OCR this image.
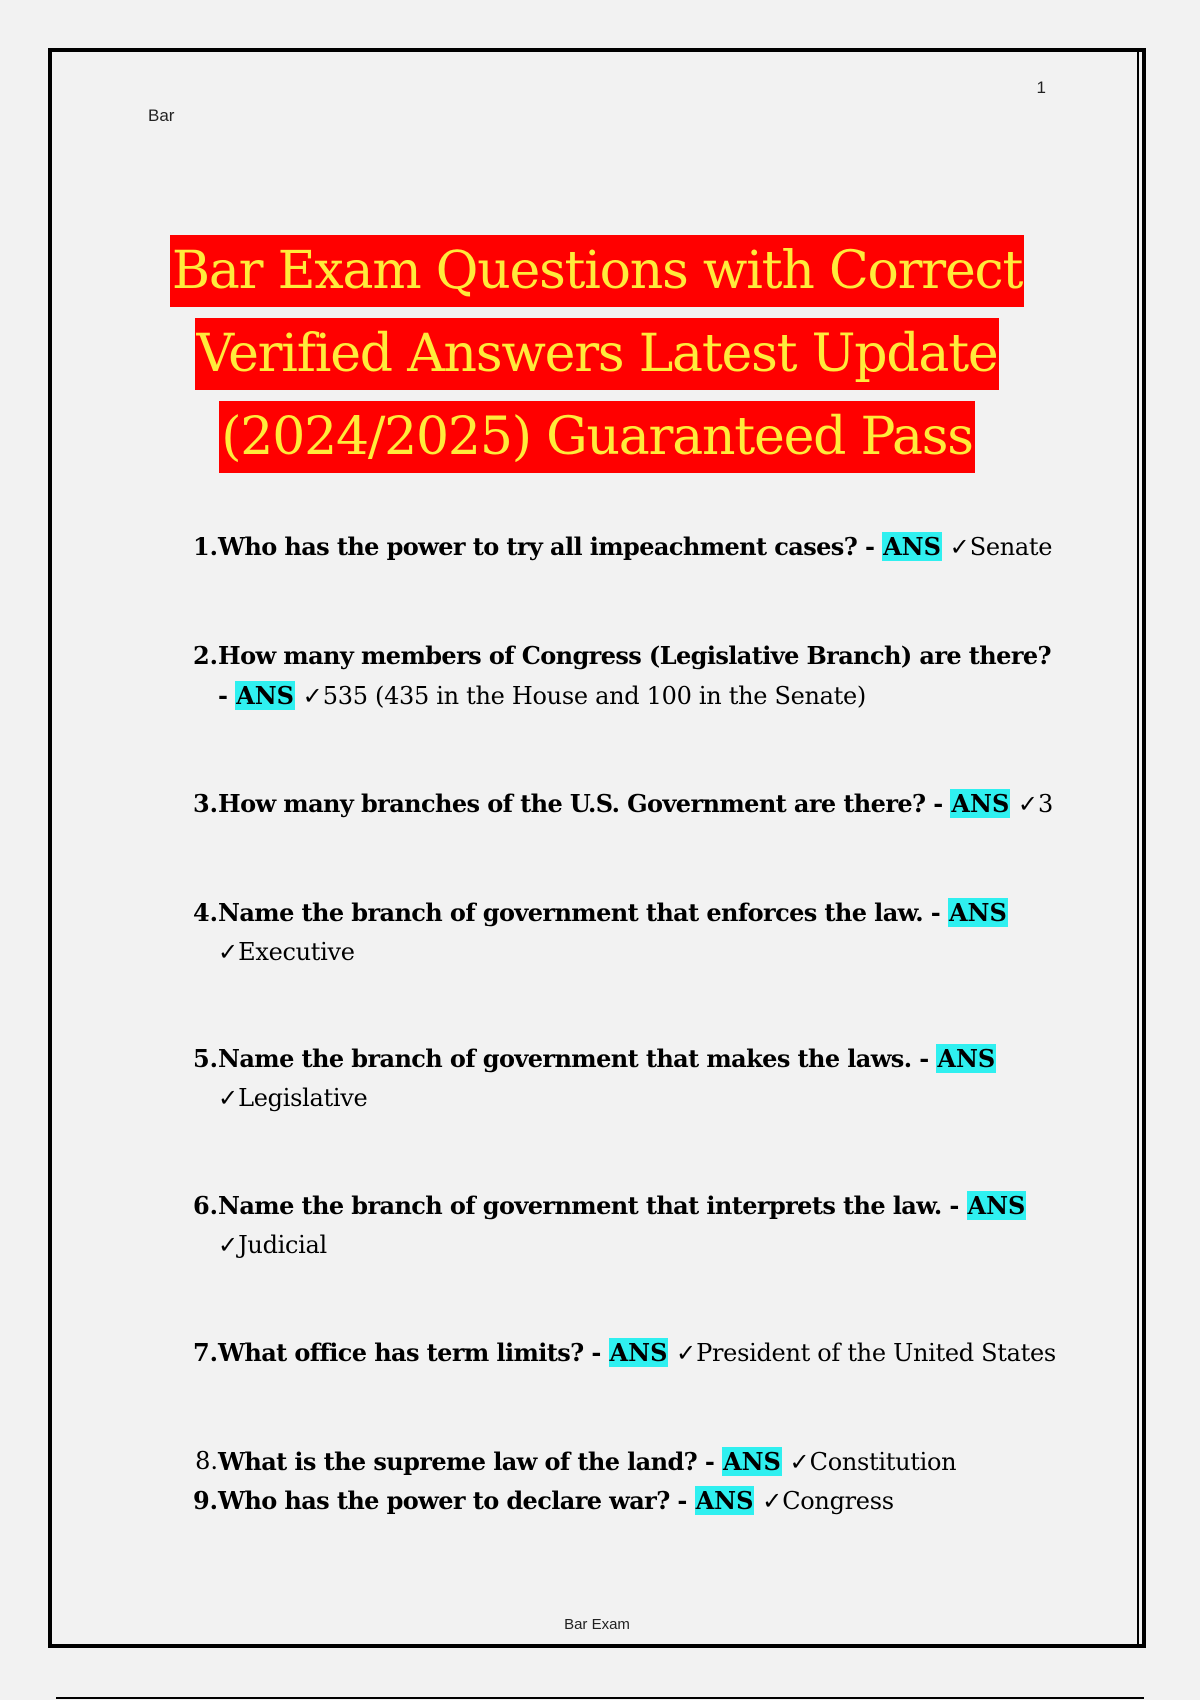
Bar
1
Bar Exam Questions with Correct
Verified Answers Latest Update
(2024/2025) Guaranteed Pass
1. Who has the power to try all impeachment cases? - ANS ✓Senate
2. How many members of Congress (Legislative Branch) are there?
- ANS ✓535 (435 in the House and 100 in the Senate)
3. How many branches of the U.S. Government are there? - ANS ✓3
4. Name the branch of government that enforces the law. - ANS
✓Executive
5. Name the branch of government that makes the laws. - ANS
✓Legislative
6. Name the branch of government that interprets the law. - ANS
✓Judicial
7. What office has term limits? - ANS ✓President of the United States
8. What is the supreme law of the land? - ANS ✓Constitution
9. Who has the power to declare war? - ANS ✓Congress
Bar Exam
